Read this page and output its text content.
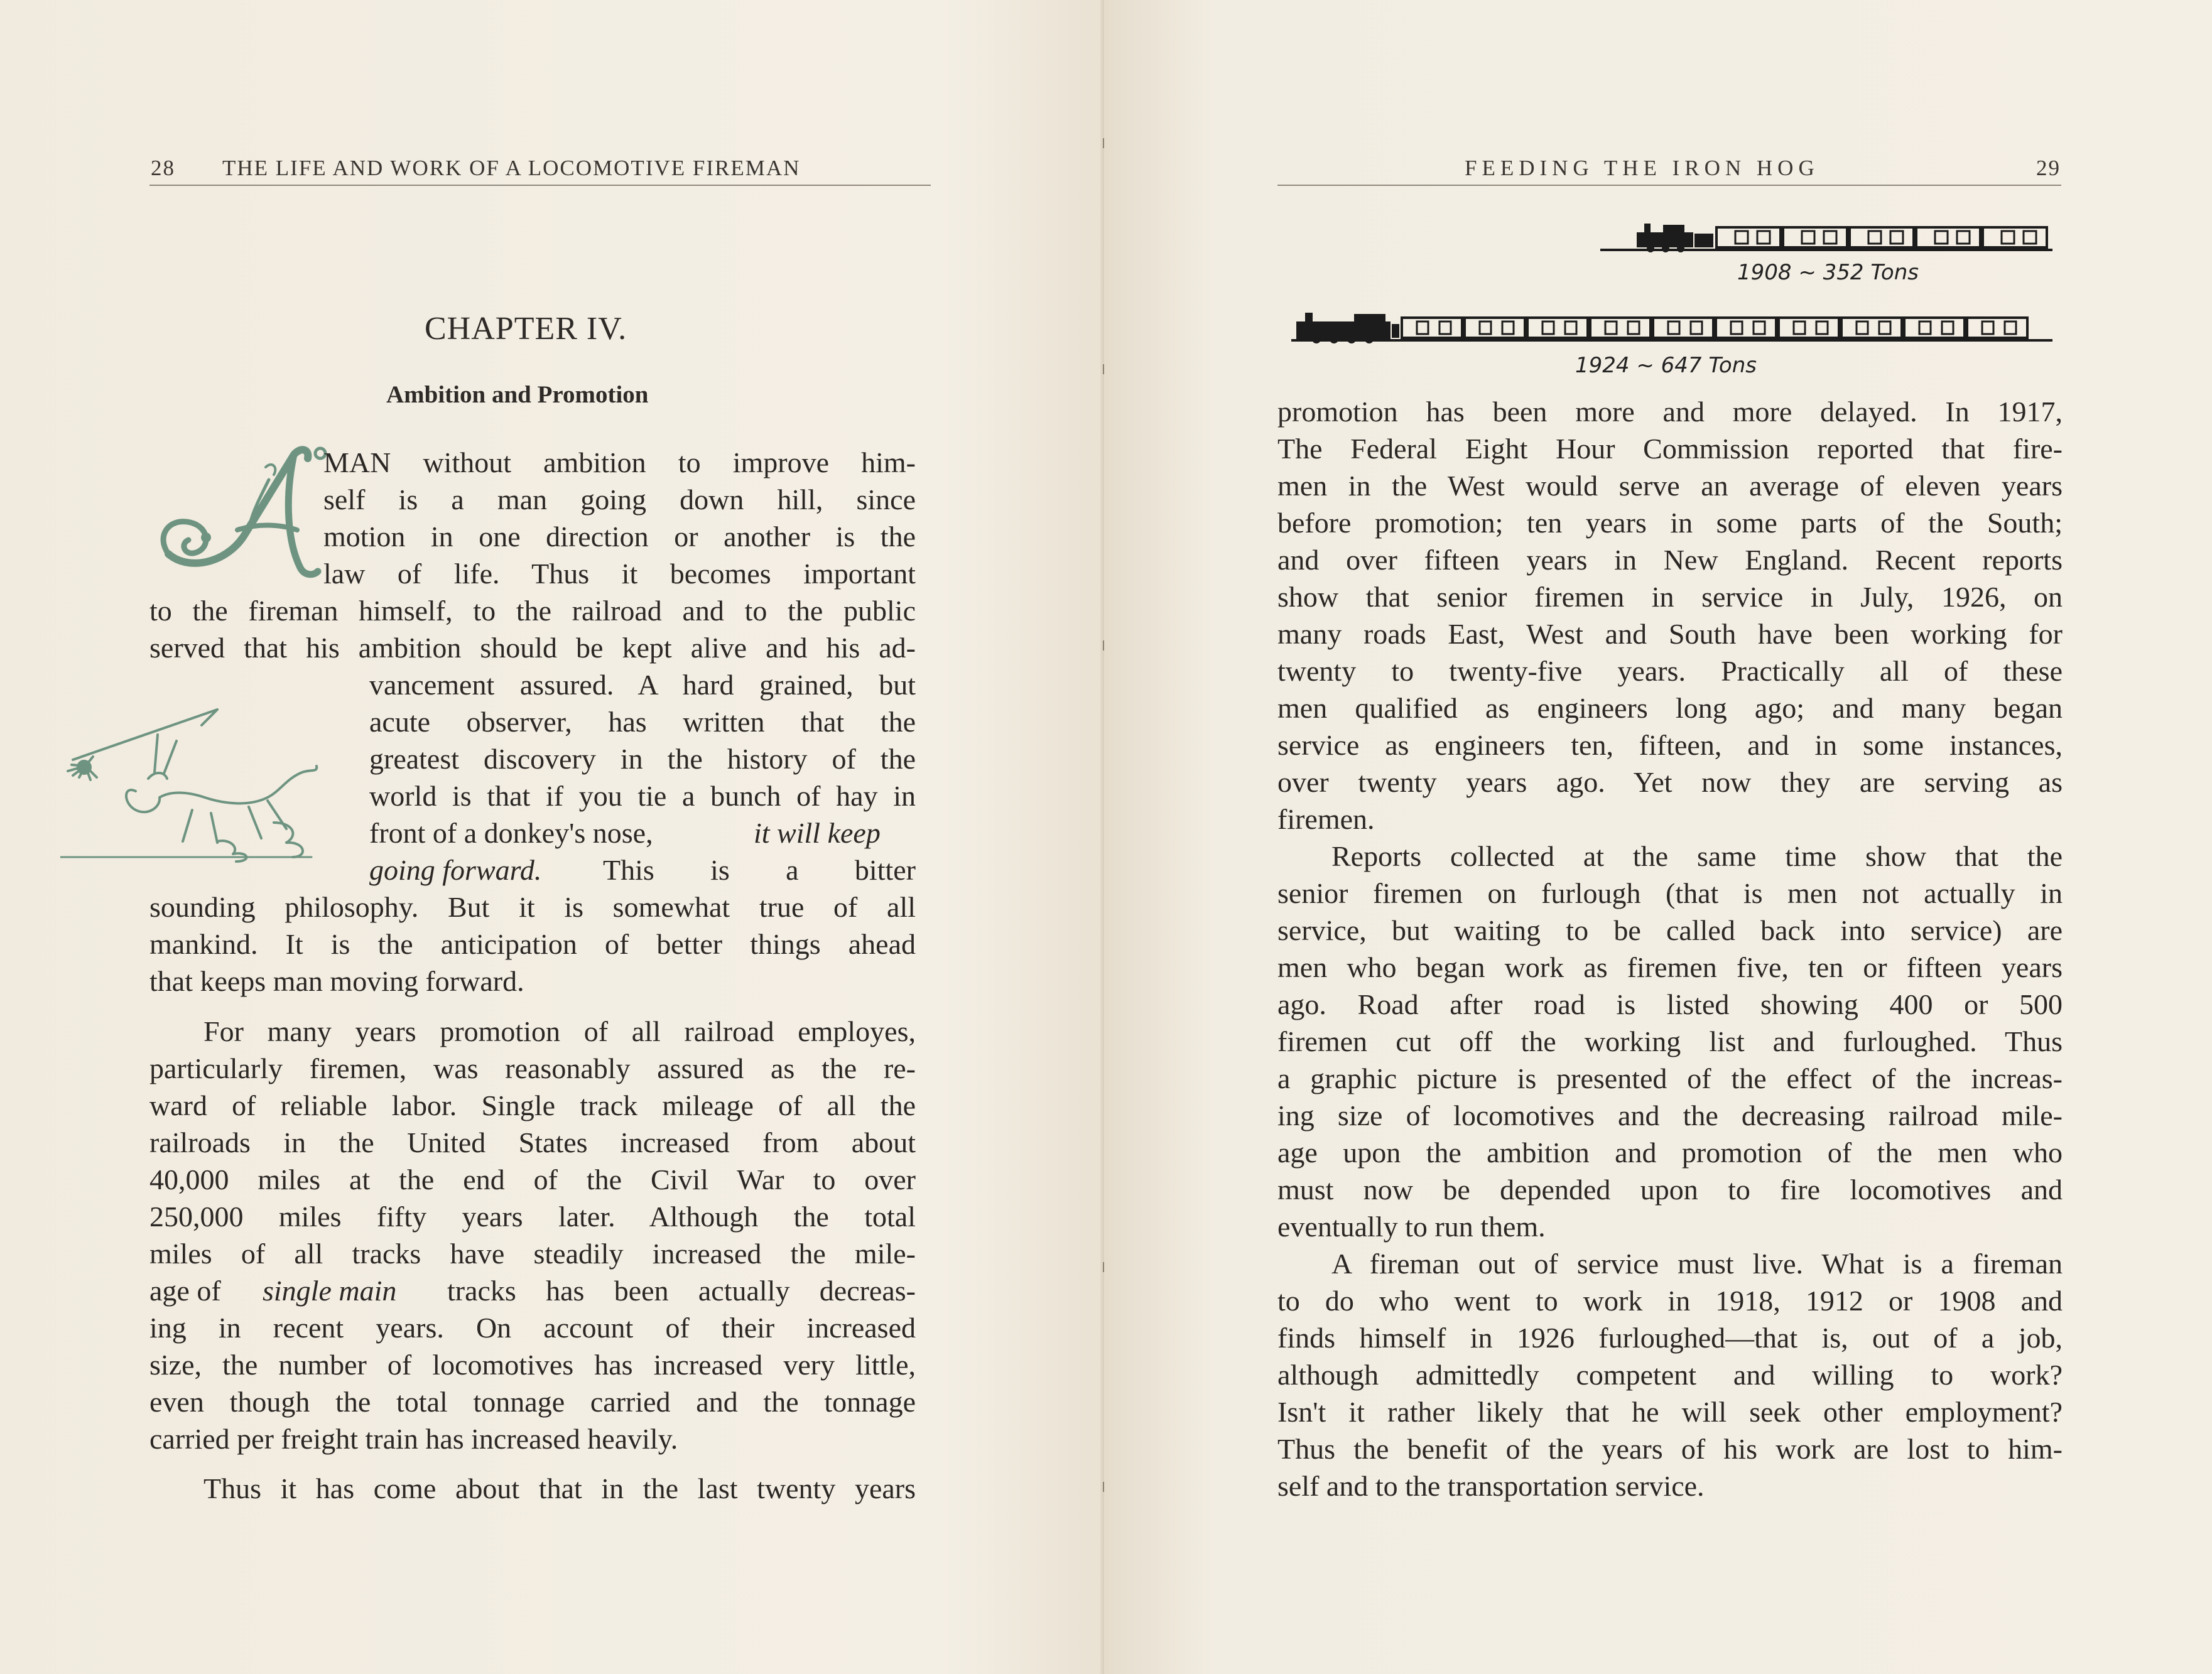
28 THE LIFE AND WORK OF A LOCOMOTIVE FIREMAN
CHAPTER IV.
Ambition and Promotion
A
MAN without ambition to improve him-
self is a man going down hill, since
motion in one direction or another is the
law of life. Thus it becomes important
to the fireman himself, to the railroad and to the public
served that his ambition should be kept alive and his ad-
vancement assured. A hard grained, but
acute observer, has written that the
greatest discovery in the history of the
world is that if you tie a bunch of hay in
front of a donkey's nose,	it will keep
going forward. This is a bitter
sounding philosophy. But it is somewhat true of all
mankind. It is the anticipation of better things ahead
that keeps man moving forward.
For many years promotion of all railroad employes,
particularly firemen, was reasonably assured as the re-
ward of reliable labor. Single track mileage of all the
railroads in the United States increased from about
40,000 miles at the end of the Civil War to over
250,000 miles fifty years later. Although the total
miles of all tracks have steadily increased the mile-
age of single main tracks has been actually decreas-
ing in recent years. On account of their increased
size, the number of locomotives has increased very little,
even though the total tonnage carried and the tonnage
carried per freight train has increased heavily.
Thus it has come about that in the last twenty years
FEEDING THE IRON HOG	29
1908 ~ 352 Tons
1924 ~ 647 Tons
promotion has been more and more delayed. In 1917,
The Federal Eight Hour Commission reported that fire-
men in the West would serve an average of eleven years
before promotion; ten years in some parts of the South;
and over fifteen years in New England. Recent reports
show that senior firemen in service in July, 1926, on
many roads East, West and South have been working for
twenty to twenty-five years. Practically all of these
men qualified as engineers long ago; and many began
service as engineers ten, fifteen, and in some instances,
over twenty years ago. Yet now they are serving as
firemen.
Reports collected at the same time show that the
senior firemen on furlough (that is men not actually in
service, but waiting to be called back into service) are
men who began work as firemen five, ten or fifteen years
ago. Road after road is listed showing 400 or 500
firemen cut off the working list and furloughed. Thus
a graphic picture is presented of the effect of the increas-
ing size of locomotives and the decreasing railroad mile-
age upon the ambition and promotion of the men who
must now be depended upon to fire locomotives and
eventually to run them.
A fireman out of service must live. What is a fireman
to do who went to work in 1918, 1912 or 1908 and
finds himself in 1926 furloughed—that is, out of a job,
although admittedly competent and willing to work?
Isn't it rather likely that he will seek other employment?
Thus the benefit of the years of his work are lost to him-
self and to the transportation service.
